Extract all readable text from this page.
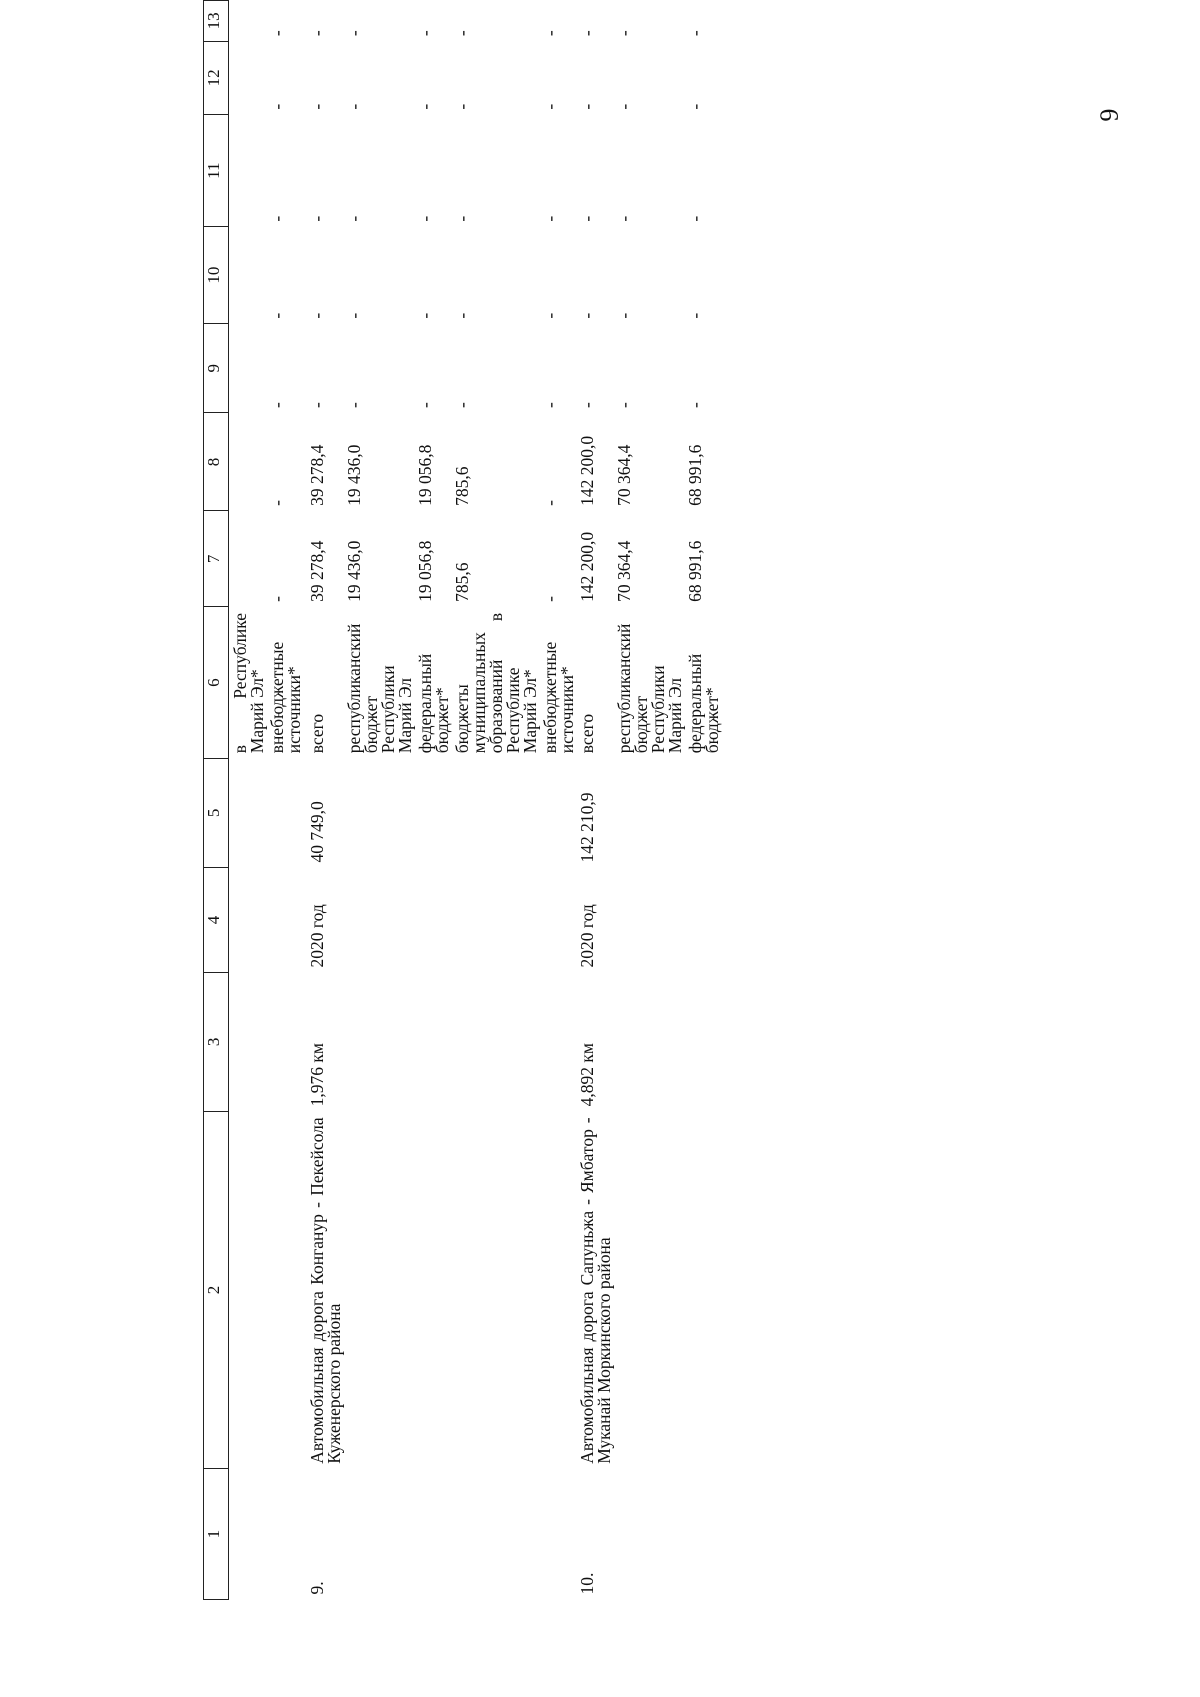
6
1	2	3	4	5	6	7	8	9	10	11	12	13
					в Республике Марий Эл*							
					внебюджетные источники*	-	-	-	-	-	-	-
9.	Автомобильная дорога Конганур - Пекейсола Куженерского района	1,976 км	2020 год	40 749,0	всего	39 278,4	39 278,4	-	-	-	-	-
					республиканский бюджет Республики Марий Эл	19 436,0	19 436,0	-	-	-	-	-
					федеральный бюджет*	19 056,8	19 056,8	-	-	-	-	-
					бюджеты муниципальных образований в Республике Марий Эл*	785,6	785,6	-	-	-	-	-
					внебюджетные источники*	-	-	-	-	-	-	-
10.	Автомобильная дорога Сапуньжа - Ямбатор - Муканай Моркинского района	4,892 км	2020 год	142 210,9	всего	142 200,0	142 200,0	-	-	-	-	-
					республиканский бюджет Республики Марий Эл	70 364,4	70 364,4	-	-	-	-	-
					федеральный бюджет*	68 991,6	68 991,6	-	-	-	-	-
